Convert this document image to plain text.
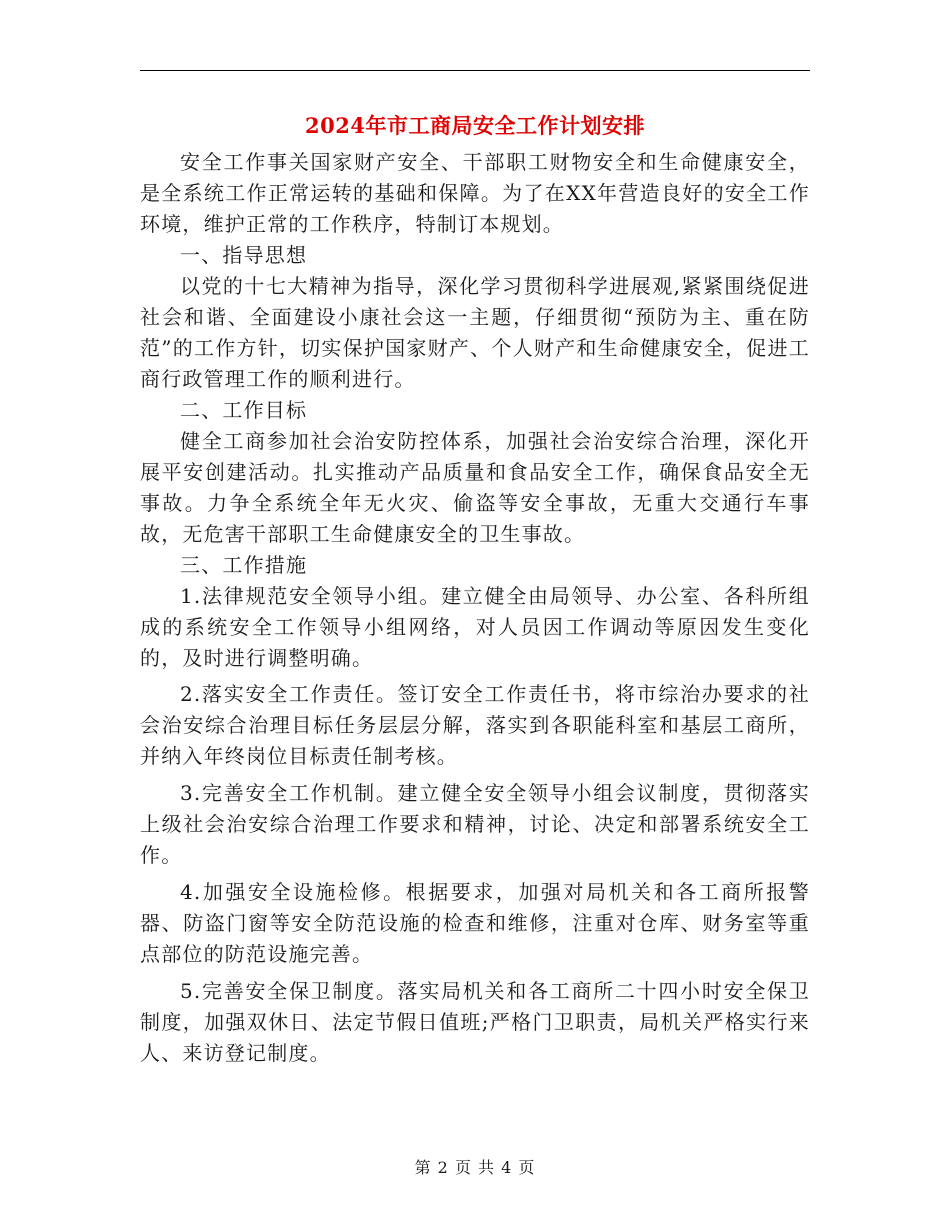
2024年市工商局安全工作计划安排

安全工作事关国家财产安全、干部职工财物安全和生命健康安全，是全系统工作正常运转的基础和保障。为了在XX年营造良好的安全工作环境，维护正常的工作秩序，特制订本规划。

一、指导思想

以党的十七大精神为指导，深化学习贯彻科学进展观,紧紧围绕促进社会和谐、全面建设小康社会这一主题，仔细贯彻“预防为主、重在防范”的工作方针，切实保护国家财产、个人财产和生命健康安全，促进工商行政管理工作的顺利进行。

二、工作目标

健全工商参加社会治安防控体系，加强社会治安综合治理，深化开展平安创建活动。扎实推动产品质量和食品安全工作，确保食品安全无事故。力争全系统全年无火灾、偷盗等安全事故，无重大交通行车事故，无危害干部职工生命健康安全的卫生事故。

三、工作措施

1.法律规范安全领导小组。建立健全由局领导、办公室、各科所组成的系统安全工作领导小组网络，对人员因工作调动等原因发生变化的，及时进行调整明确。

2.落实安全工作责任。签订安全工作责任书，将市综治办要求的社会治安综合治理目标任务层层分解，落实到各职能科室和基层工商所，并纳入年终岗位目标责任制考核。

3.完善安全工作机制。建立健全安全领导小组会议制度，贯彻落实上级社会治安综合治理工作要求和精神，讨论、决定和部署系统安全工作。

4.加强安全设施检修。根据要求，加强对局机关和各工商所报警器、防盗门窗等安全防范设施的检查和维修，注重对仓库、财务室等重点部位的防范设施完善。

5.完善安全保卫制度。落实局机关和各工商所二十四小时安全保卫制度，加强双休日、法定节假日值班;严格门卫职责，局机关严格实行来人、来访登记制度。

第 2 页 共 4 页
